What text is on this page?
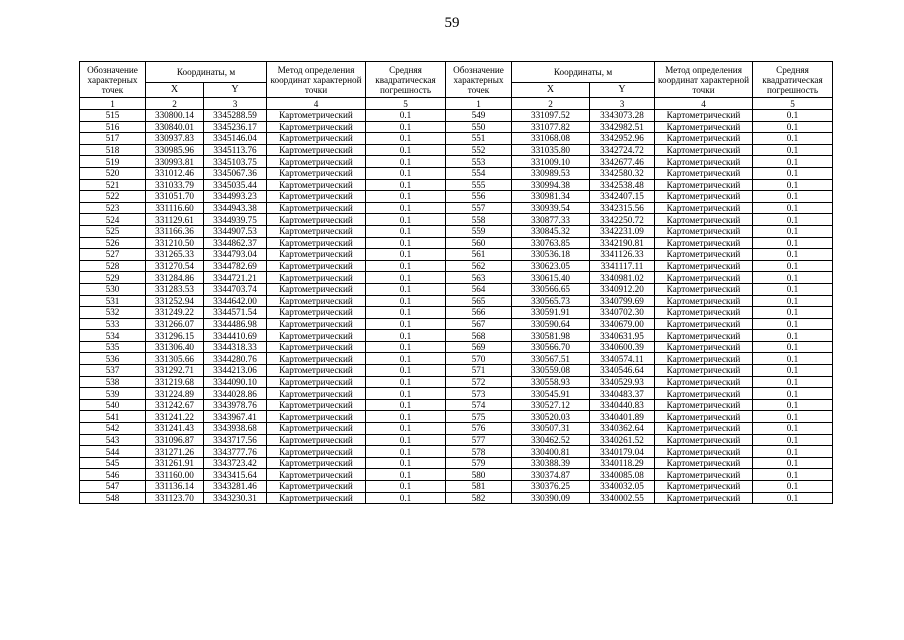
59
Обозначение характерных точек	Координаты, м		Метод определения координат характерной точки	Средняя квадратическая погрешность	Обозначение характерных точек	Координаты, м		Метод определения координат характерной точки	Средняя квадратическая погрешность
	X	Y				X	Y		
1	2	3	4	5	1	2	3	4	5
515	330800.14	3345288.59	Картометрический	0.1	549	331097.52	3343073.28	Картометрический	0.1
516	330840.01	3345236.17	Картометрический	0.1	550	331077.82	3342982.51	Картометрический	0.1
517	330937.83	3345146.04	Картометрический	0.1	551	331068.08	3342952.96	Картометрический	0.1
518	330985.96	3345113.76	Картометрический	0.1	552	331035.80	3342724.72	Картометрический	0.1
519	330993.81	3345103.75	Картометрический	0.1	553	331009.10	3342677.46	Картометрический	0.1
520	331012.46	3345067.36	Картометрический	0.1	554	330989.53	3342580.32	Картометрический	0.1
521	331033.79	3345035.44	Картометрический	0.1	555	330994.38	3342538.48	Картометрический	0.1
522	331051.70	3344993.23	Картометрический	0.1	556	330981.34	3342407.15	Картометрический	0.1
523	331116.60	3344943.38	Картометрический	0.1	557	330939.54	3342315.56	Картометрический	0.1
524	331129.61	3344939.75	Картометрический	0.1	558	330877.33	3342250.72	Картометрический	0.1
525	331166.36	3344907.53	Картометрический	0.1	559	330845.32	3342231.09	Картометрический	0.1
526	331210.50	3344862.37	Картометрический	0.1	560	330763.85	3342190.81	Картометрический	0.1
527	331265.33	3344793.04	Картометрический	0.1	561	330536.18	3341126.33	Картометрический	0.1
528	331270.54	3344782.69	Картометрический	0.1	562	330623.05	3341117.11	Картометрический	0.1
529	331284.86	3344721.21	Картометрический	0.1	563	330615.40	3340981.02	Картометрический	0.1
530	331283.53	3344703.74	Картометрический	0.1	564	330566.65	3340912.20	Картометрический	0.1
531	331252.94	3344642.00	Картометрический	0.1	565	330565.73	3340799.69	Картометрический	0.1
532	331249.22	3344571.54	Картометрический	0.1	566	330591.91	3340702.30	Картометрический	0.1
533	331266.07	3344486.98	Картометрический	0.1	567	330590.64	3340679.00	Картометрический	0.1
534	331296.15	3344410.69	Картометрический	0.1	568	330581.98	3340631.95	Картометрический	0.1
535	331306.40	3344318.33	Картометрический	0.1	569	330566.70	3340600.39	Картометрический	0.1
536	331305.66	3344280.76	Картометрический	0.1	570	330567.51	3340574.11	Картометрический	0.1
537	331292.71	3344213.06	Картометрический	0.1	571	330559.08	3340546.64	Картометрический	0.1
538	331219.68	3344090.10	Картометрический	0.1	572	330558.93	3340529.93	Картометрический	0.1
539	331224.89	3344028.86	Картометрический	0.1	573	330545.91	3340483.37	Картометрический	0.1
540	331242.67	3343978.76	Картометрический	0.1	574	330527.12	3340440.83	Картометрический	0.1
541	331241.22	3343967.41	Картометрический	0.1	575	330520.03	3340401.89	Картометрический	0.1
542	331241.43	3343938.68	Картометрический	0.1	576	330507.31	3340362.64	Картометрический	0.1
543	331096.87	3343717.56	Картометрический	0.1	577	330462.52	3340261.52	Картометрический	0.1
544	331271.26	3343777.76	Картометрический	0.1	578	330400.81	3340179.04	Картометрический	0.1
545	331261.91	3343723.42	Картометрический	0.1	579	330388.39	3340118.29	Картометрический	0.1
546	331160.00	3343415.64	Картометрический	0.1	580	330374.87	3340085.08	Картометрический	0.1
547	331136.14	3343281.46	Картометрический	0.1	581	330376.25	3340032.05	Картометрический	0.1
548	331123.70	3343230.31	Картометрический	0.1	582	330390.09	3340002.55	Картометрический	0.1
